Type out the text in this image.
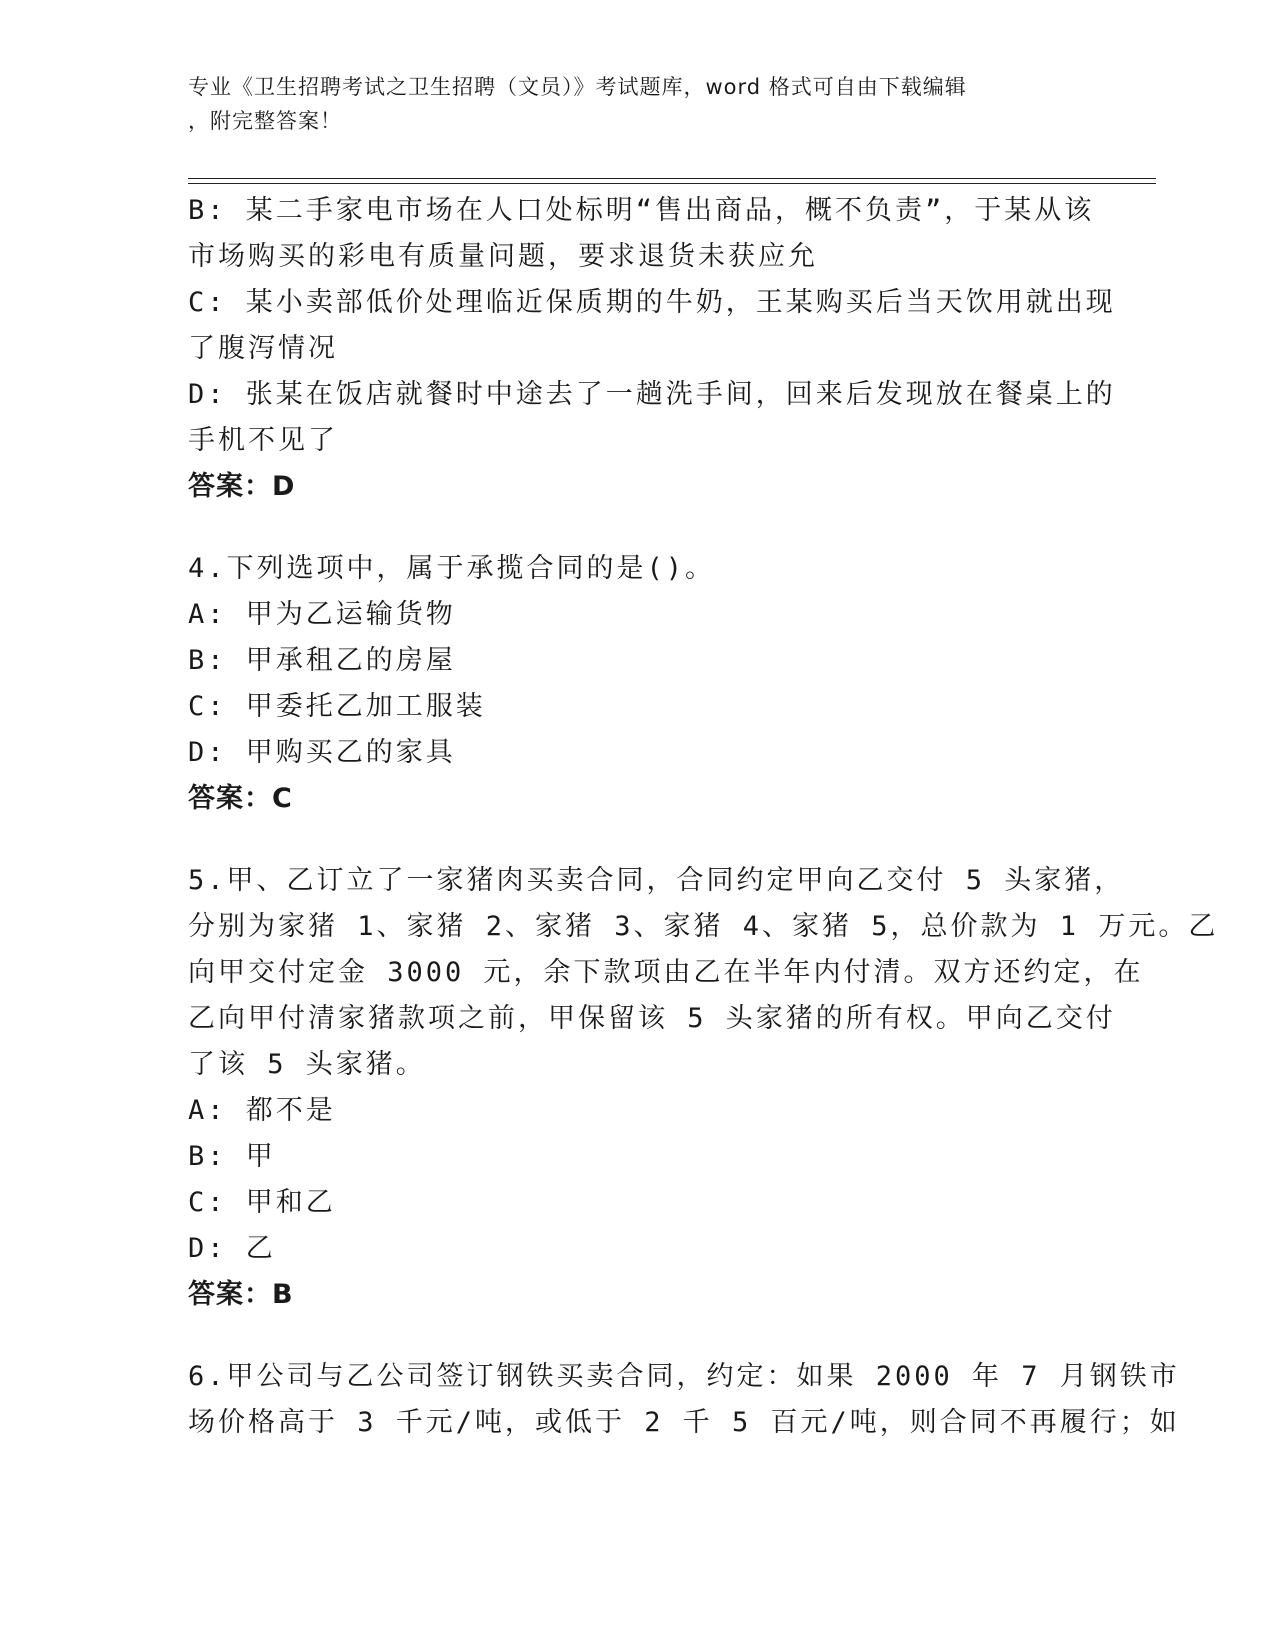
专业《卫生招聘考试之卫生招聘（文员）》考试题库，word 格式可自由下载编辑
，附完整答案！
B: 某二手家电市场在人口处标明“售出商品，概不负责”，于某从该
市场购买的彩电有质量问题，要求退货未获应允
C: 某小卖部低价处理临近保质期的牛奶，王某购买后当天饮用就出现
了腹泻情况
D: 张某在饭店就餐时中途去了一趟洗手间，回来后发现放在餐桌上的
手机不见了
答案：D
4.下列选项中，属于承揽合同的是()。
A: 甲为乙运输货物
B: 甲承租乙的房屋
C: 甲委托乙加工服装
D: 甲购买乙的家具
答案：C
5.甲、乙订立了一家猪肉买卖合同，合同约定甲向乙交付 5 头家猪，
分别为家猪 1、家猪 2、家猪 3、家猪 4、家猪 5，总价款为 1 万元。乙
向甲交付定金 3000 元，余下款项由乙在半年内付清。双方还约定，在
乙向甲付清家猪款项之前，甲保留该 5 头家猪的所有权。甲向乙交付
了该 5 头家猪。
A: 都不是
B: 甲
C: 甲和乙
D: 乙
答案：B
6.甲公司与乙公司签订钢铁买卖合同，约定：如果 2000 年 7 月钢铁市
场价格高于 3 千元/吨，或低于 2 千 5 百元/吨，则合同不再履行；如
